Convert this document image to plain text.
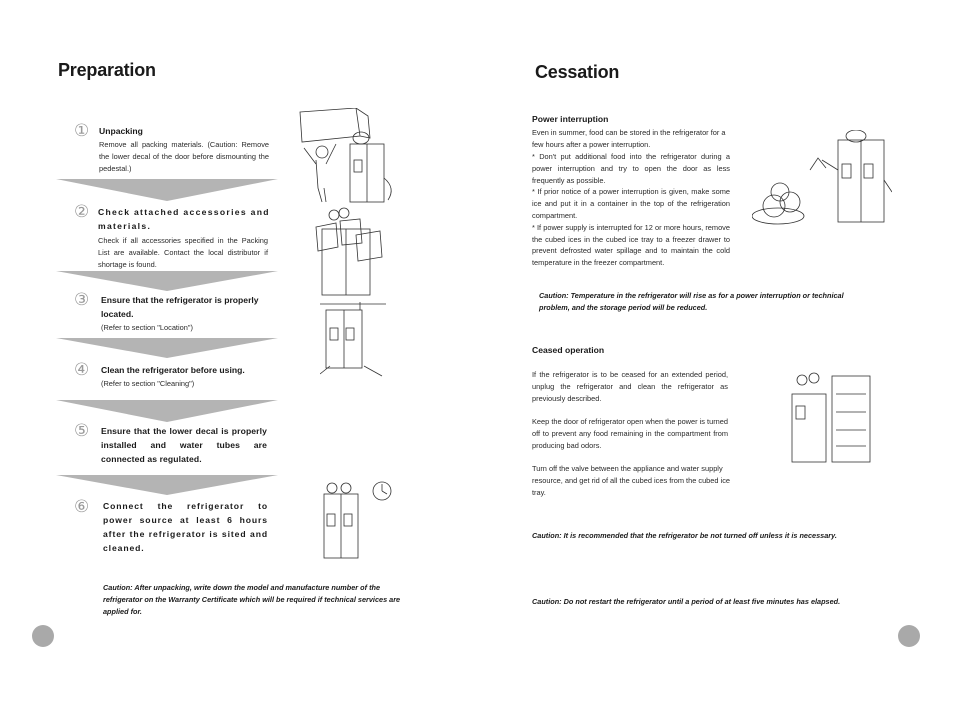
Preparation
① Unpacking
Remove all packing materials. (Caution: Remove the lower decal of the door before dismounting the pedestal.)
② Check attached accessories and materials.
Check if all accessories specified in the Packing List are available. Contact the local distributor if shortage is found.
③ Ensure that the refrigerator is properly located.
(Refer to section "Location")
④ Clean the refrigerator before using.
(Refer to section "Cleaning")
⑤ Ensure that the lower decal is properly installed and water tubes are connected as regulated.
⑥ Connect the refrigerator to power source at least 6 hours after the refrigerator is sited and cleaned.
Caution: After unpacking, write down the model and manufacture number of the refrigerator on the Warranty Certificate which will be required if technical services are applied for.
Cessation
Power interruption
Even in summer, food can be stored in the refrigerator for a few hours after a power interruption.
* Don't put additional food into the refrigerator during a power interruption and try to open the door as less frequently as possible.
* If prior notice of a power interruption is given, make some ice and put it in a container in the top of the refrigeration compartment.
* If power supply is interrupted for 12 or more hours, remove the cubed ices in the cubed ice tray to a freezer drawer to prevent defrosted water spillage and to maintain the cold temperature in the freezer compartment.
Caution: Temperature in the refrigerator will rise as for a power interruption or technical problem, and the storage period will be reduced.
Ceased operation
If the refrigerator is to be ceased for an extended period, unplug the refrigerator and clean the refrigerator as previously described.
Keep the door of refrigerator open when the power is turned off to prevent any food remaining in the compartment from producing bad odors.
Turn off the valve between the appliance and water supply resource, and get rid of all the cubed ices from the cubed ice tray.
Caution: It is recommended that the refrigerator be not turned off unless it is necessary.
Caution: Do not restart the refrigerator until a period of at least five minutes has elapsed.
